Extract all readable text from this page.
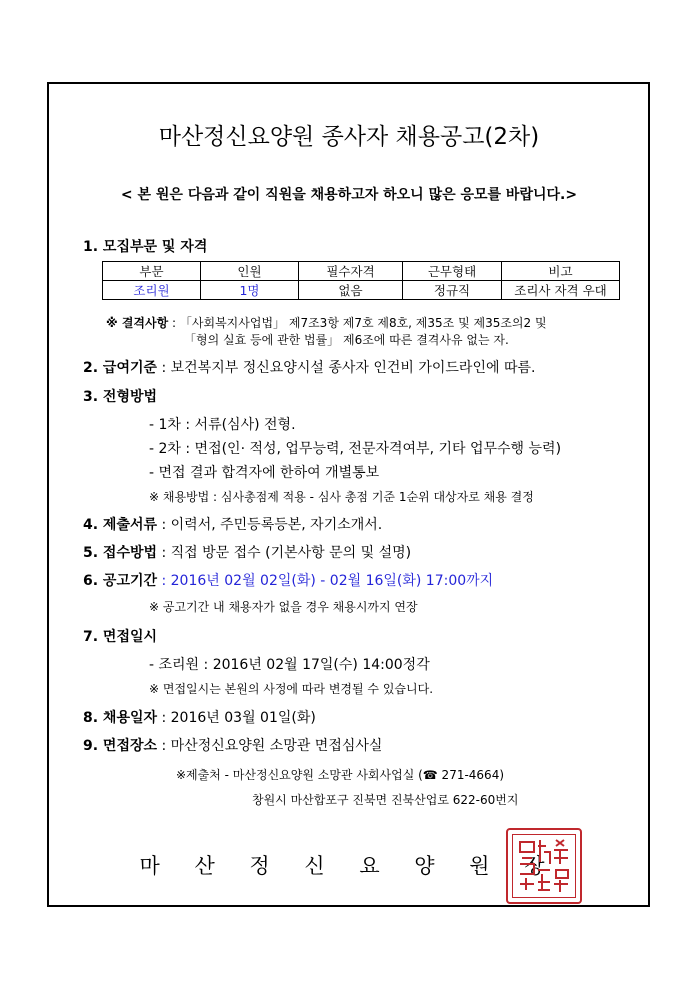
마산정신요양원 종사자 채용공고(2차)
< 본 원은 다음과 같이 직원을 채용하고자 하오니 많은 응모를 바랍니다.>
1. 모집부문 및 자격
부문	인원	필수자격	근무형태	비고
조리원	1명	없음	정규직	조리사 자격 우대
※ 결격사항 : 「사회복지사업법」 제7조3항 제7호 제8호, 제35조 및 제35조의2 및
「형의 실효 등에 관한 법률」 제6조에 따른 결격사유 없는 자.
2. 급여기준 : 보건복지부 정신요양시설 종사자 인건비 가이드라인에 따름.
3. 전형방법
- 1차 : 서류(심사) 전형.
- 2차 : 면접(인· 적성, 업무능력, 전문자격여부, 기타 업무수행 능력)
- 면접 결과 합격자에 한하여 개별통보
※ 채용방법 : 심사총점제 적용 - 심사 총점 기준 1순위 대상자로 채용 결정
4. 제출서류 : 이력서, 주민등록등본, 자기소개서.
5. 접수방법 : 직접 방문 접수 (기본사항 문의 및 설명)
6. 공고기간 : 2016년 02월 02일(화) - 02월 16일(화) 17:00까지
※ 공고기간 내 채용자가 없을 경우 채용시까지 연장
7. 면접일시
- 조리원 : 2016년 02월 17일(수) 14:00정각
※ 면접일시는 본원의 사정에 따라 변경될 수 있습니다.
8. 채용일자 : 2016년 03월 01일(화)
9. 면접장소 : 마산정신요양원 소망관 면접심사실
※제출처 - 마산정신요양원 소망관 사회사업실 (☎ 271-4664)
창원시 마산합포구 진북면 진북산업로 622-60번지
마 산 정 신 요 양 원 장
